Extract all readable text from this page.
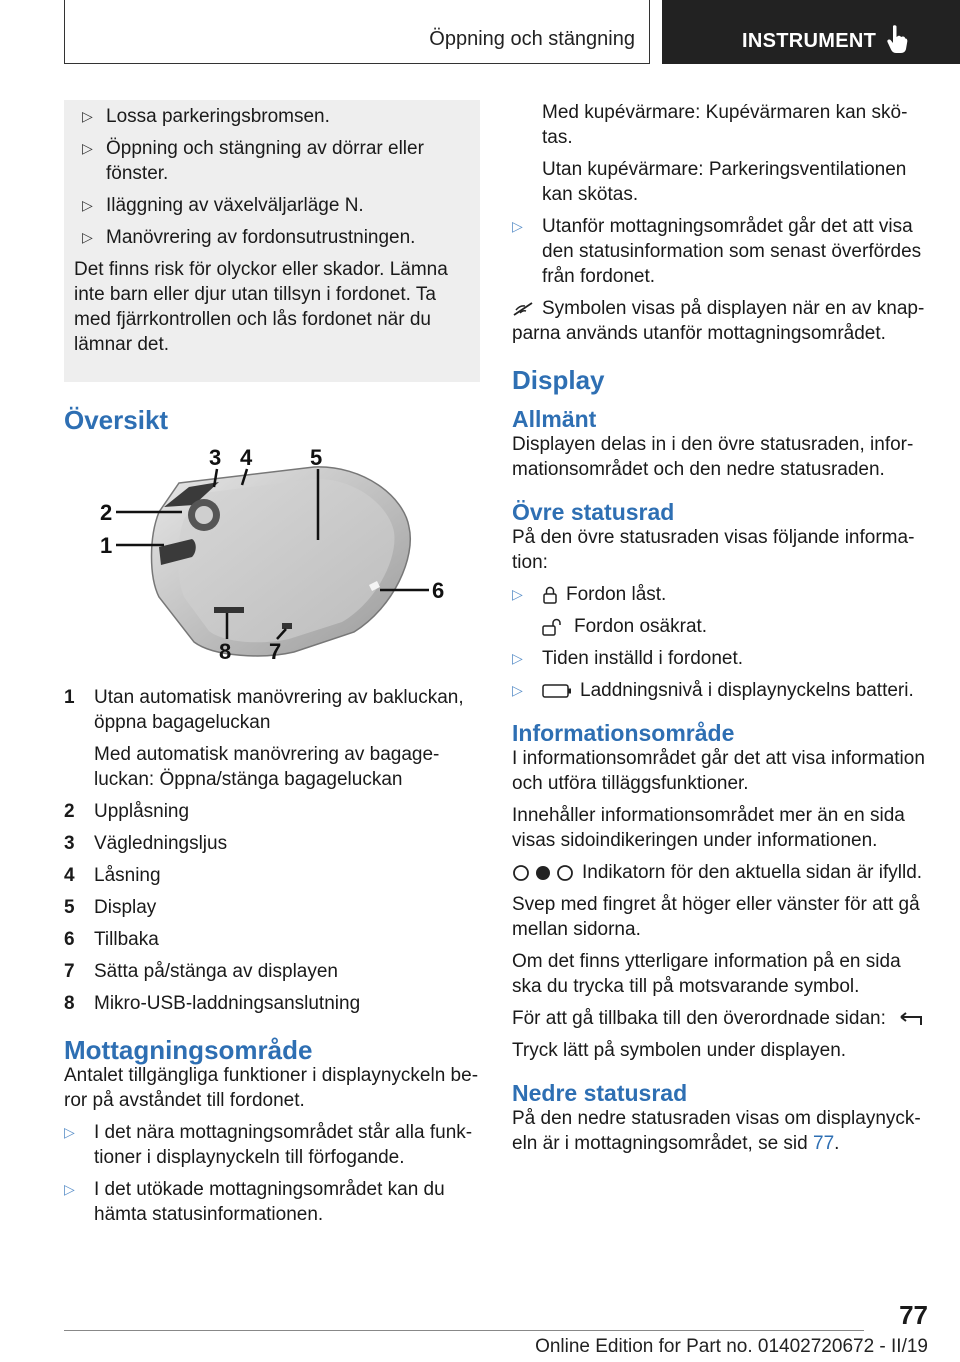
Öppning och stängning	INSTRUMENT
▷ Lossa parkeringsbromsen.
▷ Öppning och stängning av dörrar eller fönster.
▷ Iläggning av växelväljarläge N.
▷ Manövrering av fordonsutrustningen.

Det finns risk för olyckor eller skador. Lämna inte barn eller djur utan tillsyn i fordonet. Ta med fjärrkontrollen och lås fordonet när du lämnar det.

Översikt
1
2
3 4	5
6
7
8
1 Utan automatisk manövrering av bakluckan, öppna bagageluckan
Med automatisk manövrering av bagageluckan: Öppna/stänga bagageluckan
2 Upplåsning
3 Vägledningsljus
4 Låsning
5 Display
6 Tillbaka
7 Sätta på/stänga av displayen
8 Mikro-USB-laddningsanslutning
Mottagningsområde

Antalet tillgängliga funktioner i displaynyckeln beror på avståndet till fordonet.

▷ I det nära mottagningsområdet står alla funktioner i displaynyckeln till förfogande.
▷ I det utökade mottagningsområdet kan du hämta statusinformationen.

Med kupévärmare: Kupévärmaren kan skötas.

Utan kupévärmare: Parkeringsventilationen kan skötas.

▷ Utanför mottagningsområdet går det att visa den statusinformation som senast överfördes från fordonet.

Symbolen visas på displayen när en av knapparna används utanför mottagningsområdet.

Display
Allmänt

Displayen delas in i den övre statusraden, informationsområdet och den nedre statusraden.

Övre statusrad

På den övre statusraden visas följande information:

▷ Fordon låst.
Fordon osäkrat.
▷ Tiden inställd i fordonet.
▷	Laddningsnivå i displaynyckelns batteri.
Informationsområde

I informationsområdet går det att visa information och utföra tilläggsfunktioner.

Innehåller informationsområdet mer än en sida visas sidoindikeringen under informationen.

Indikatorn för den aktuella sidan är ifylld.

Svep med fingret åt höger eller vänster för att gå mellan sidorna.

Om det finns ytterligare information på en sida ska du trycka till på motsvarande symbol.

För att gå tillbaka till den överordnade sidan:

Tryck lätt på symbolen under displayen.

Nedre statusrad

På den nedre statusraden visas om displaynyckeln är i mottagningsområdet, se sid 77.

77
Online Edition for Part no. 01402720672 - II/19
